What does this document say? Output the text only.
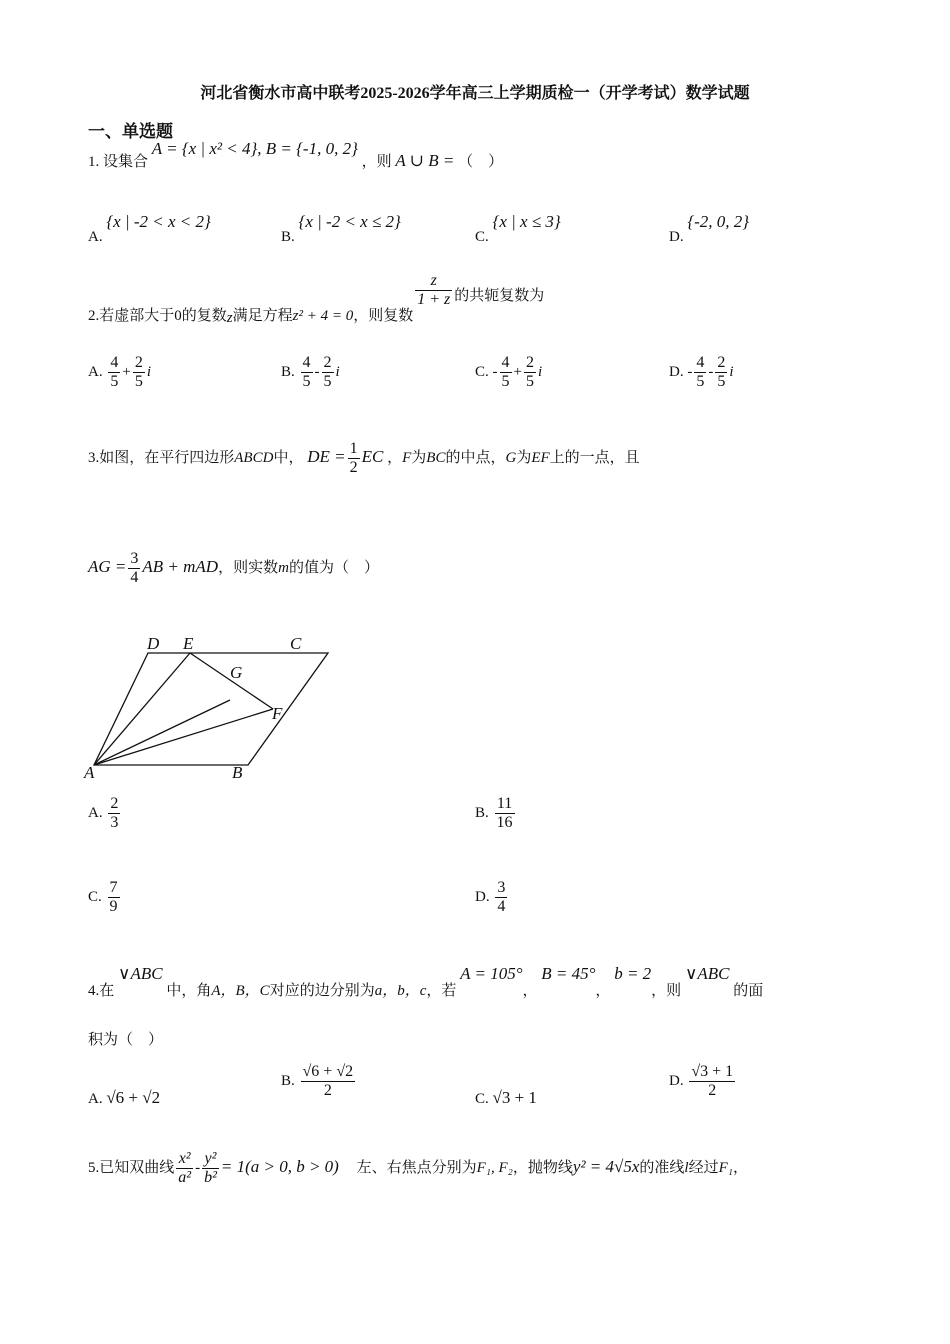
河北省衡水市高中联考2025-2026学年高三上学期质检一（开学考试）数学试题
一、单选题
1. 设集合 A = {x | x² < 4}, B = {-1, 0, 2} ，则 A ∪ B = （　）
A. {x | -2 < x < 2}
B. {x | -2 < x ≤ 2}
C. {x | x ≤ 3}
D. {-2, 0, 2}
2.若虚部大于0的复数z满足方程z² + 4 = 0，则复数
$\frac{z}{1 + z}$ 的共轭复数为
A. $\frac{4}{5} + \frac{2}{5}$ i	B. $\frac{4}{5} - \frac{2}{5}$ i	C. - $\frac{4}{5} + \frac{2}{5}$ i	D. - $\frac{4}{5} - \frac{2}{5}$ i
3.如图，在平行四边形ABCD中， DE = $\frac{1}{2}$ EC ，F为BC的中点，G为EF上的一点，且
AG = $\frac{3}{4}$ AB + mAD，则实数m的值为（　）
A	B
C
D E
F
G
A. $\frac{2}{3}$	B. $\frac{11}{16}$
C. $\frac{7}{9}$	D. $\frac{3}{4}$
4.在 ∨ABC 中，角A，B，C对应的边分别为a，b，c，若 A = 105°， B = 45°， b = 2，则 ∨ABC 的面
积为（　）
A. √6 + √2
B. $\frac{√6 + √2}{2}$	C. √3 + 1
D. $\frac{√3 + 1}{2}$
5.已知双曲线 $\frac{\text{x²}}{\text{a²}} - \frac{\text{y²}}{\text{b²}} = 1(a > 0$, b > 0) 左、右焦点分别为F₁, F₂，抛物线y² = 4√5x的准线l经过F₁，
